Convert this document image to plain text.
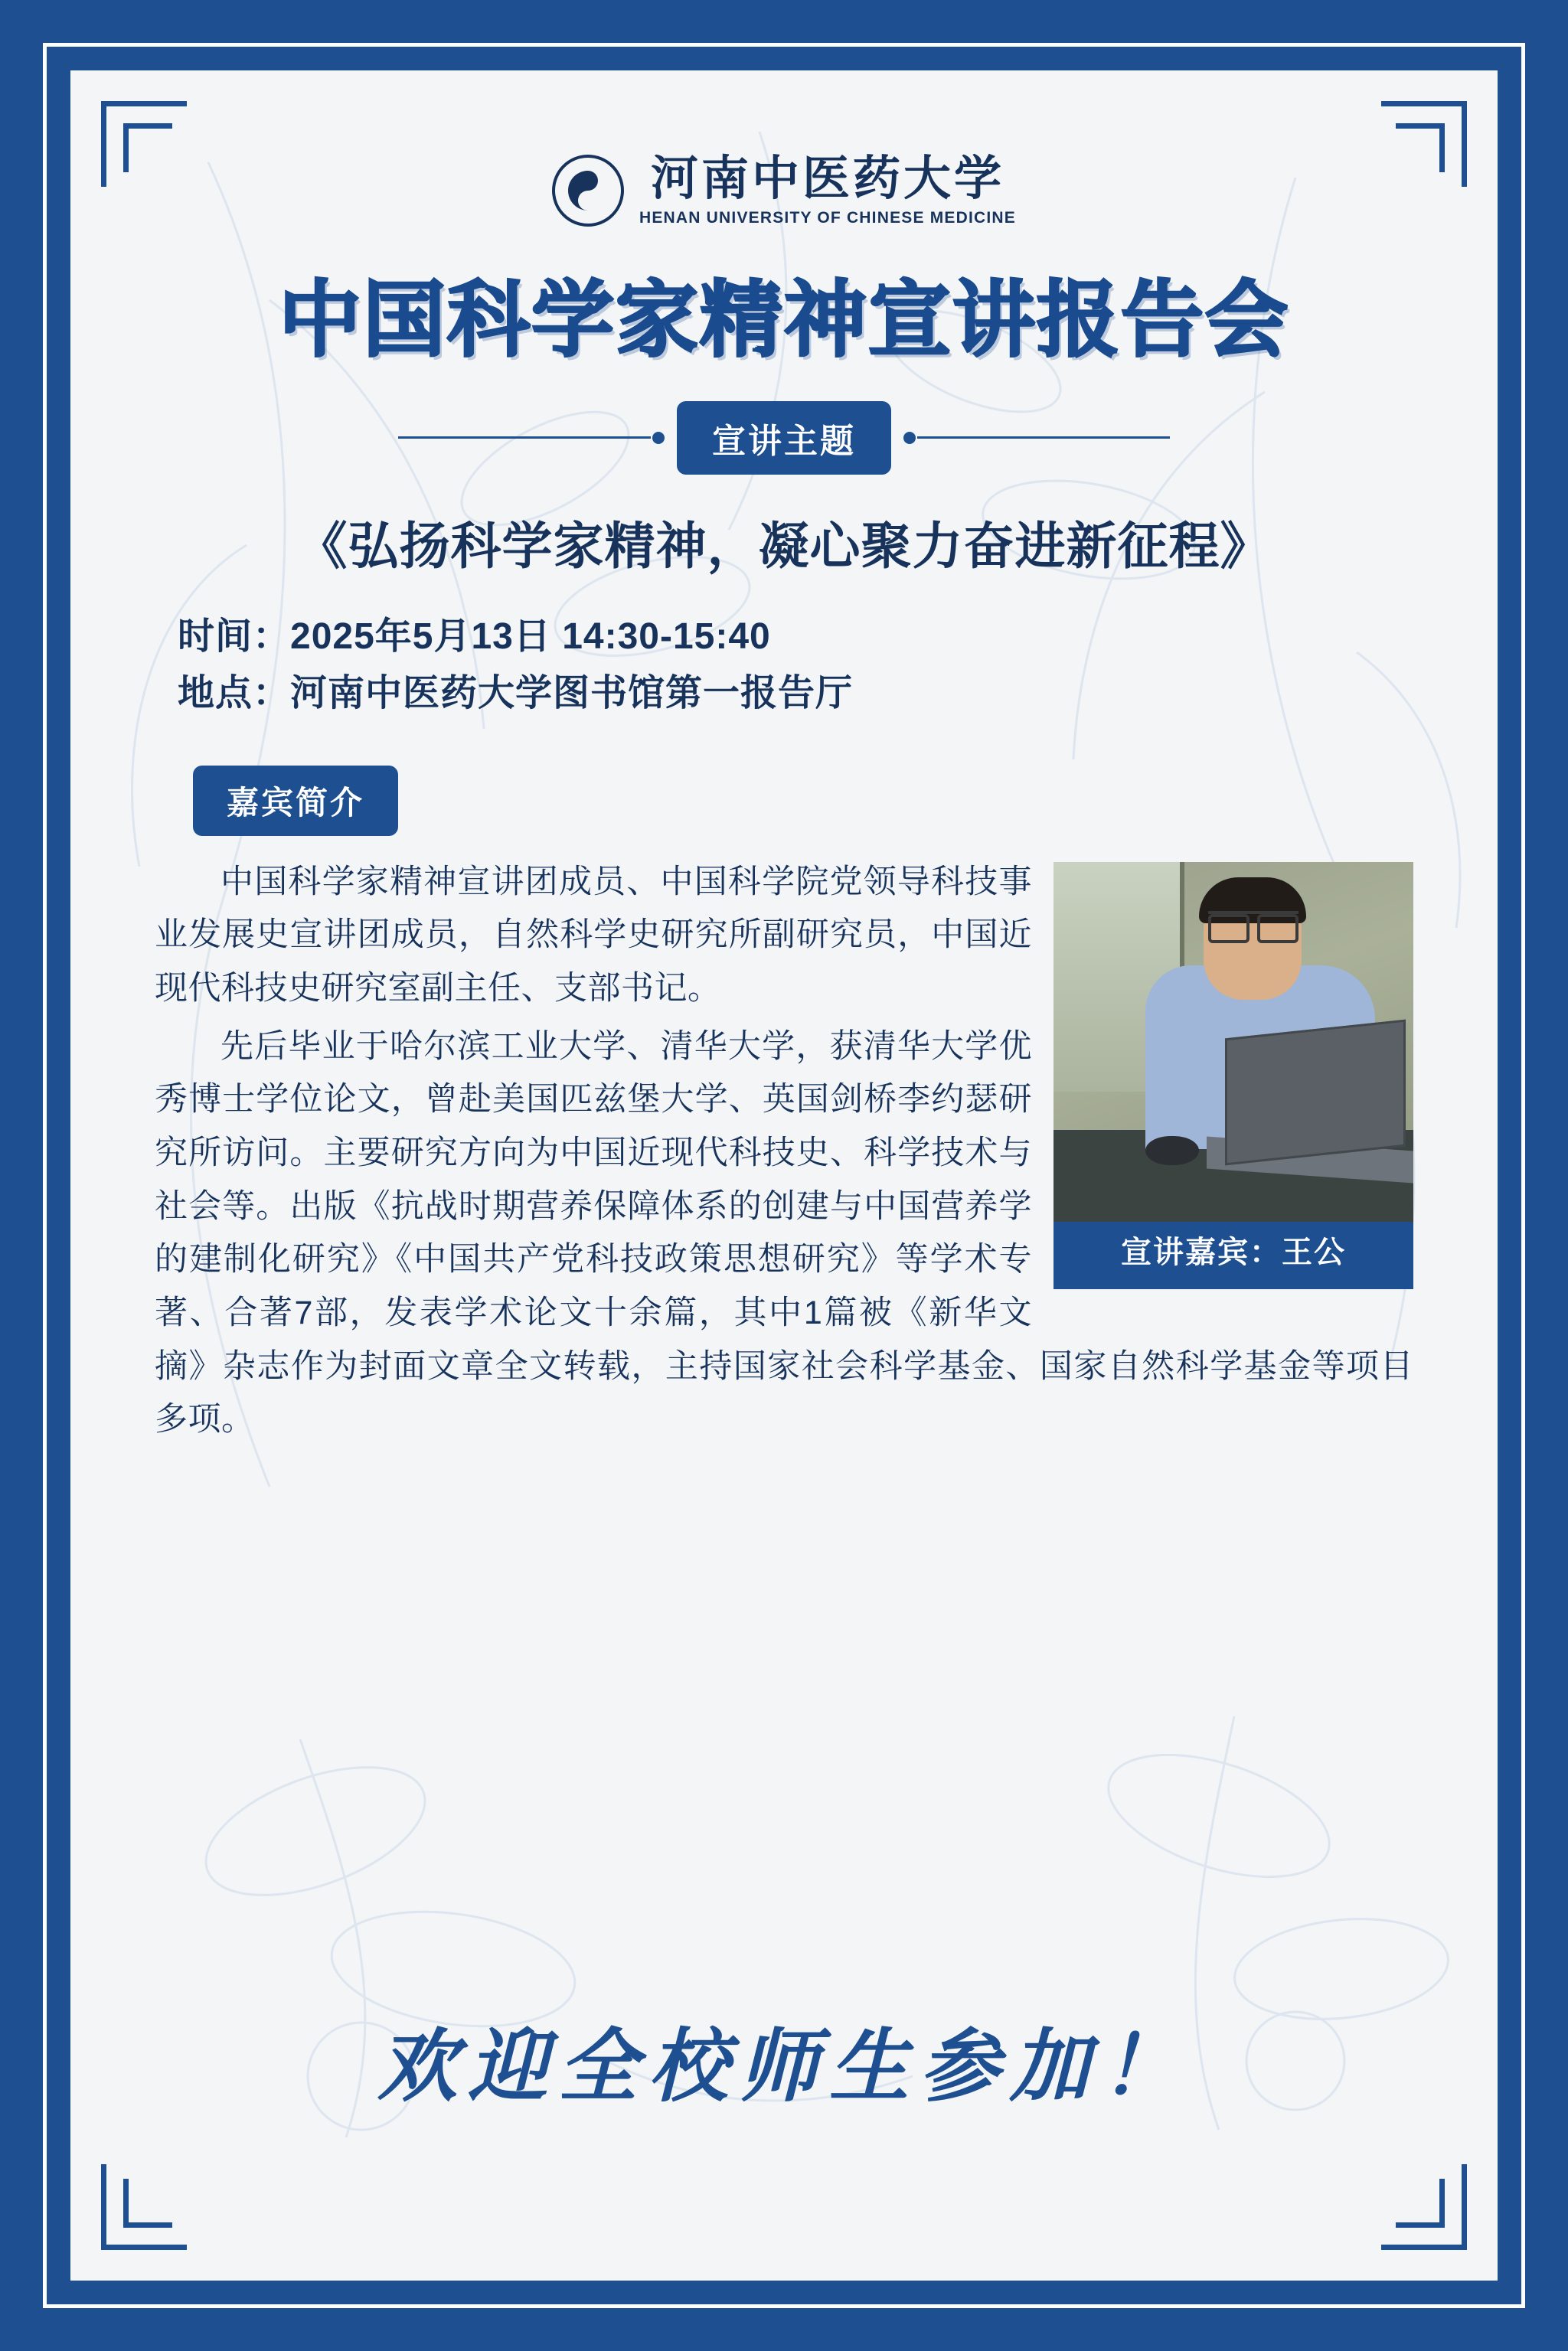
河南中医药大学
HENAN UNIVERSITY OF CHINESE MEDICINE
中国科学家精神宣讲报告会
宣讲主题
《弘扬科学家精神，凝心聚力奋进新征程》
时间：2025年5月13日 14:30-15:40
地点：河南中医药大学图书馆第一报告厅
嘉宾简介
宣讲嘉宾：王公

中国科学家精神宣讲团成员、中国科学院党领导科技事业发展史宣讲团成员，自然科学史研究所副研究员，中国近现代科技史研究室副主任、支部书记。

先后毕业于哈尔滨工业大学、清华大学，获清华大学优秀博士学位论文，曾赴美国匹兹堡大学、英国剑桥李约瑟研究所访问。主要研究方向为中国近现代科技史、科学技术与社会等。出版《抗战时期营养保障体系的创建与中国营养学的建制化研究》《中国共产党科技政策思想研究》等学术专著、合著7部，发表学术论文十余篇，其中1篇被《新华文摘》杂志作为封面文章全文转载，主持国家社会科学基金、国家自然科学基金等项目多项。

欢迎全校师生参加！
